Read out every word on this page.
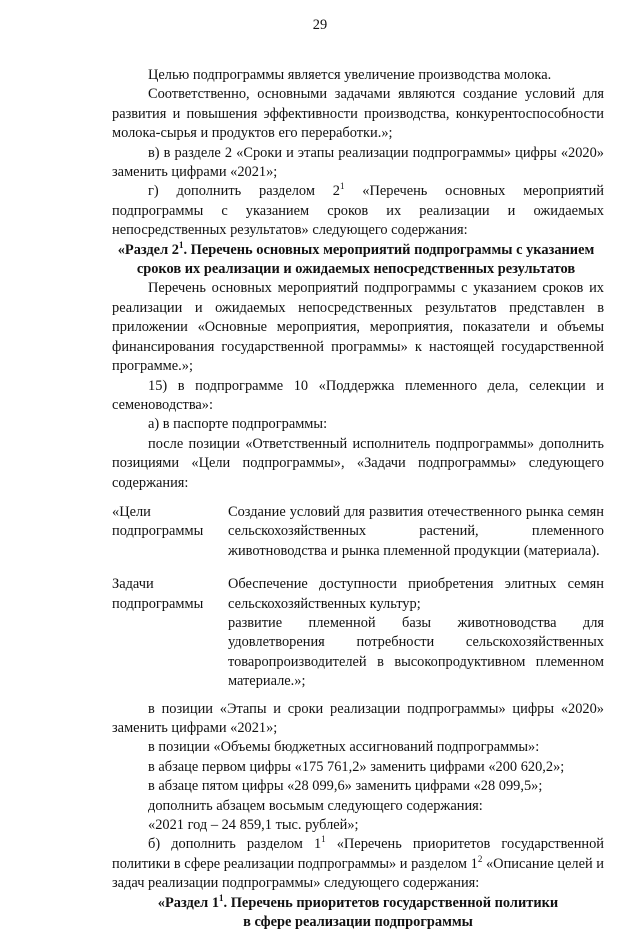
29

Целью подпрограммы является увеличение производства молока.

Соответственно, основными задачами являются создание условий для развития и повышения эффективности производства, конкурентоспособности молока-сырья и продуктов его переработки.»;

в) в разделе 2 «Сроки и этапы реализации подпрограммы» цифры «2020» заменить цифрами «2021»;

г) дополнить разделом $2^1$ «Перечень основных мероприятий подпрограммы с указанием сроков их реализации и ожидаемых непосредственных результатов» следующего содержания:

«Раздел $2^1$. Перечень основных мероприятий подпрограммы с указанием сроков их реализации и ожидаемых непосредственных результатов

Перечень основных мероприятий подпрограммы с указанием сроков их реализации и ожидаемых непосредственных результатов представлен в приложении «Основные мероприятия, мероприятия, показатели и объемы финансирования государственной программы» к настоящей государственной программе.»;

15) в подпрограмме 10 «Поддержка племенного дела, селекции и семеноводства»:

а) в паспорте подпрограммы:

после позиции «Ответственный исполнитель подпрограммы» дополнить позициями «Цели подпрограммы», «Задачи подпрограммы» следующего содержания:

«Цели подпрограммы	Создание условий для развития отечественного рынка семян сельскохозяйственных растений, племенного животноводства и рынка племенной продукции (материала).

Задачи подпрограммы	Обеспечение доступности приобретения элитных семян сельскохозяйственных культур;

развитие племенной базы животноводства для удовлетворения потребности сельскохозяйственных товаропроизводителей в высокопродуктивном племенном материале.»;

в позиции «Этапы и сроки реализации подпрограммы» цифры «2020» заменить цифрами «2021»;

в позиции «Объемы бюджетных ассигнований подпрограммы»:

в абзаце первом цифры «175 761,2» заменить цифрами «200 620,2»;

в абзаце пятом цифры «28 099,6» заменить цифрами «28 099,5»;

дополнить абзацем восьмым следующего содержания:

«2021 год – 24 859,1 тыс. рублей»;

б) дополнить разделом $1^1$ «Перечень приоритетов государственной политики в сфере реализации подпрограммы» и разделом $1^2$ «Описание целей и задач реализации подпрограммы» следующего содержания:

«Раздел $1^1$. Перечень приоритетов государственной политики
в сфере реализации подпрограммы
